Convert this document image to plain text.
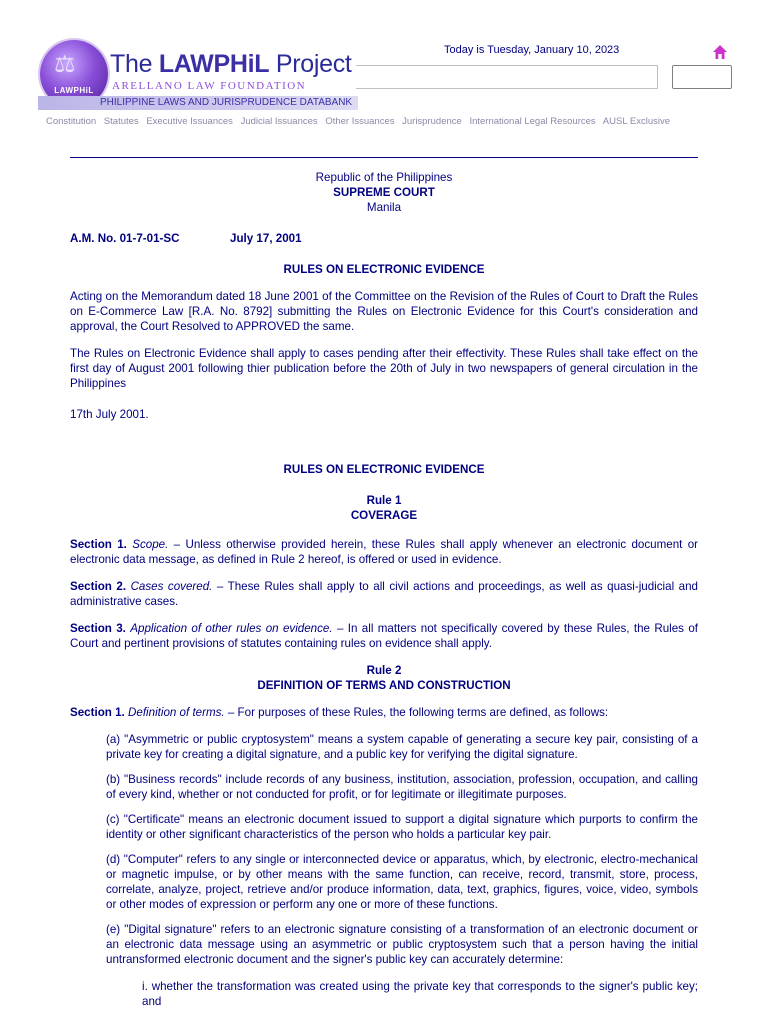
⚖
LAWPHiL
The LAWPHiL Project
ARELLANO LAW FOUNDATION
PHILIPPINE LAWS AND JURISPRUDENCE DATABANK
Today is Tuesday, January 10, 2023
Constitution Statutes Executive Issuances Judicial Issuances Other Issuances Jurisprudence International Legal Resources AUSL Exclusive

Republic of the Philippines

SUPREME COURT

Manila

A.M. No. 01-7-01-SC	July 17, 2001

RULES ON ELECTRONIC EVIDENCE

Acting on the Memorandum dated 18 June 2001 of the Committee on the Revision of the Rules of Court to Draft the Rules on E-Commerce Law [R.A. No. 8792] submitting the Rules on Electronic Evidence for this Court's consideration and approval, the Court Resolved to APPROVED the same.

The Rules on Electronic Evidence shall apply to cases pending after their effectivity. These Rules shall take effect on the first day of August 2001 following thier publication before the 20th of July in two newspapers of general circulation in the Philippines

17th July 2001.

RULES ON ELECTRONIC EVIDENCE

Rule 1

COVERAGE

Section 1. Scope. – Unless otherwise provided herein, these Rules shall apply whenever an electronic document or electronic data message, as defined in Rule 2 hereof, is offered or used in evidence.

Section 2. Cases covered. – These Rules shall apply to all civil actions and proceedings, as well as quasi-judicial and administrative cases.

Section 3. Application of other rules on evidence. – In all matters not specifically covered by these Rules, the Rules of Court and pertinent provisions of statutes containing rules on evidence shall apply.

Rule 2

DEFINITION OF TERMS AND CONSTRUCTION

Section 1. Definition of terms. – For purposes of these Rules, the following terms are defined, as follows:

(a) "Asymmetric or public cryptosystem" means a system capable of generating a secure key pair, consisting of a private key for creating a digital signature, and a public key for verifying the digital signature.

(b) "Business records" include records of any business, institution, association, profession, occupation, and calling of every kind, whether or not conducted for profit, or for legitimate or illegitimate purposes.

(c) "Certificate" means an electronic document issued to support a digital signature which purports to confirm the identity or other significant characteristics of the person who holds a particular key pair.

(d) "Computer" refers to any single or interconnected device or apparatus, which, by electronic, electro-mechanical or magnetic impulse, or by other means with the same function, can receive, record, transmit, store, process, correlate, analyze, project, retrieve and/or produce information, data, text, graphics, figures, voice, video, symbols or other modes of expression or perform any one or more of these functions.

(e) "Digital signature" refers to an electronic signature consisting of a transformation of an electronic document or an electronic data message using an asymmetric or public cryptosystem such that a person having the initial untransformed electronic document and the signer's public key can accurately determine:

i. whether the transformation was created using the private key that corresponds to the signer's public key; and
